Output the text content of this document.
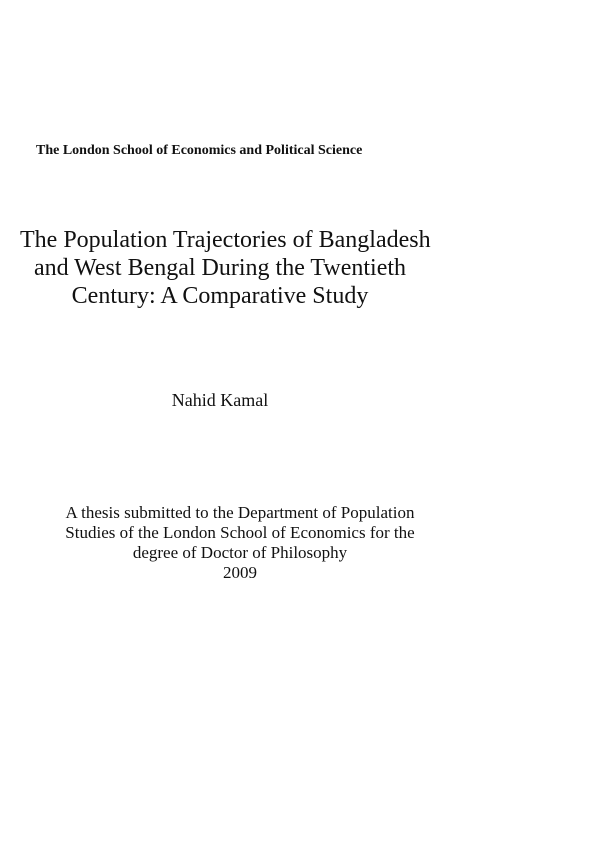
The London School of Economics and Political Science
The Population Trajectories of Bangladesh
and West Bengal During the Twentieth
Century: A Comparative Study
Nahid Kamal
A thesis submitted to the Department of Population
Studies of the London School of Economics for the
degree of Doctor of Philosophy
2009
